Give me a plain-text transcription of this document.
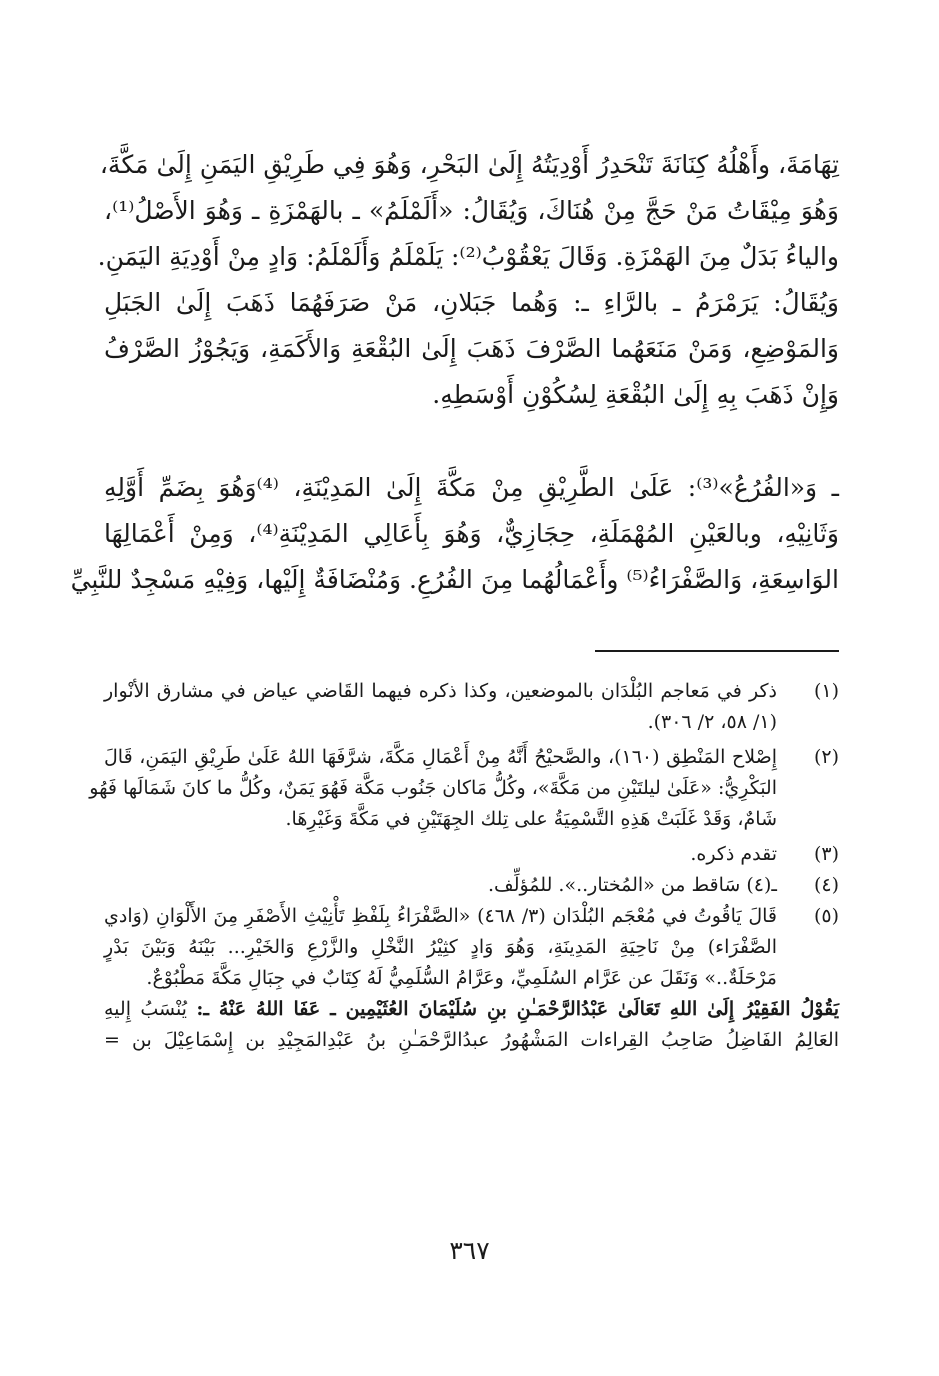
تِهَامَةَ، وأَهْلُهُ كِنَانَةَ تَنْحَدِرُ أَوْدِيَتُهُ إِلَىٰ البَحْرِ، وَهُوَ فِي طَرِيْقِ اليَمَنِ إِلَىٰ مَكَّةَ،
وَهُوَ مِيْقَاتُ مَنْ حَجَّ مِنْ هُنَاكَ، وَيُقَالُ: «أَلَمْلَمُ» ـ بالهَمْزَةِ ـ وَهُوَ الأَصْلُ⁽¹⁾،
والياءُ بَدَلٌ مِنَ الهَمْزَةِ. وَقَالَ يَعْقُوْبُ⁽²⁾: يَلَمْلَمُ وَأَلَمْلَمُ: وَادٍ مِنْ أَوْدِيَةِ اليَمَنِ.
وَيُقَالُ: يَرَمْرَمُ ـ بالرَّاءِ ـ: وَهُما جَبَلانِ، مَنْ صَرَفَهُمَا ذَهَبَ إِلَىٰ الجَبَلِ
وَالمَوْضِعِ، وَمَنْ مَنَعَهُما الصَّرْفَ ذَهَبَ إِلَىٰ البُقْعَةِ وَالأَكَمَةِ، وَيَجُوْزُ الصَّرْفُ
وَإِنْ ذَهَبَ بِهِ إِلَىٰ البُقْعَةِ لِسُكُوْنِ أَوْسَطِهِ.
ـ وَ«الفُرُعُ»⁽³⁾: عَلَىٰ الطَّرِيْقِ مِنْ مَكَّةَ إِلَىٰ المَدِيْنَةِ، ⁽⁴⁾وَهُوَ بِضَمِّ أَوَّلِهِ
وَثَانِيْهِ، وبالعَيْنِ المُهْمَلَةِ، حِجَازِيٌّ، وَهُوَ بِأَعَالِي المَدِيْنَةِ⁽⁴⁾، وَمِنْ أَعْمَالِهَا
الوَاسِعَةِ، وَالصَّفْرَاءُ⁽⁵⁾ وأَعْمَالُهُما مِنَ الفُرُعِ. وَمُنْضَافَةٌ إِلَيْها، وَفِيْهِ مَسْجِدٌ للنَّبِيِّ
(١)
ذكر في مَعاجم البُلْدَان بالموضعين، وكذا ذكره فيهما القَاضي عياض في مشارق الأنْوار
(١/ ٥٨، ٢/ ٣٠٦).
(٢)
إِصْلاح المَنْطِق (١٦٠)، والصَّحيْحُ أَنَّهُ مِنْ أَعْمَالِ مَكَّةَ، شرَّفَهَا اللهُ عَلَىٰ طَرِيْقِ اليَمَنِ، قَالَ
البَكْرِيُّ: «عَلَىٰ ليلتَيْنِ من مَكَّةَ»، وكُلُّ مَاكان جَنُوب مَكَّة فَهُوَ يَمَنٌ، وكُلُّ ما كانَ شَمَالَها فَهُو
شَامٌ، وَقَدْ غَلَبَتْ هَذِهِ التَّسْمِيَةُ على تِلك الجِهَتَيْنِ في مَكَّةَ وَغَيْرِهَا.
(٣)
تقدم ذكره.
(٤)
ـ(٤) سَاقط من «المُختار..». للمُؤلِّف.
(٥)
قَالَ يَاقُوتُ في مُعْجَم البُلْدَان (٣/ ٤٦٨) «الصَّفْرَاءُ بِلَفْظِ تَأْنِيْثِ الأَصْفَرِ مِنَ الأَلْوَانِ (وَادي
الصَّفْرَاء) مِنْ نَاحِيَةِ المَدِينَةِ، وَهُوَ وَادٍ كثِيْرُ النَّخْلِ والزَّرْعِ وَالخَيْرِ... بَيْنَهُ وَبَيْنَ بَدْرٍ
مَرْحَلَةٌ..» وَنَقَلَ عن عَرَّام السُلَمِيِّ، وعَرَّامُ السُّلَمِيُّ لَهُ كِتَابٌ في جِبَالِ مَكَّةَ مَطْبُوْعٌ.
يَقُوْلُ الفَقِيْرُ إِلَىٰ اللهِ تَعَالَىٰ عَبْدُالرَّحْمَـٰنِ بنِ سُلَيْمَانَ العُثَيْمِين ـ عَفَا اللهُ عَنْهُ ـ: يُنْسَبُ إِليهِ
العَالِمُ الفَاضِلُ صَاحِبُ القِراءات المَشْهُورُ عبدُالرَّحْمَـٰنِ بنُ عَبْدِالمَجِيْدِ بن إِسْمَاعِيْلَ بن =
٣٦٧
